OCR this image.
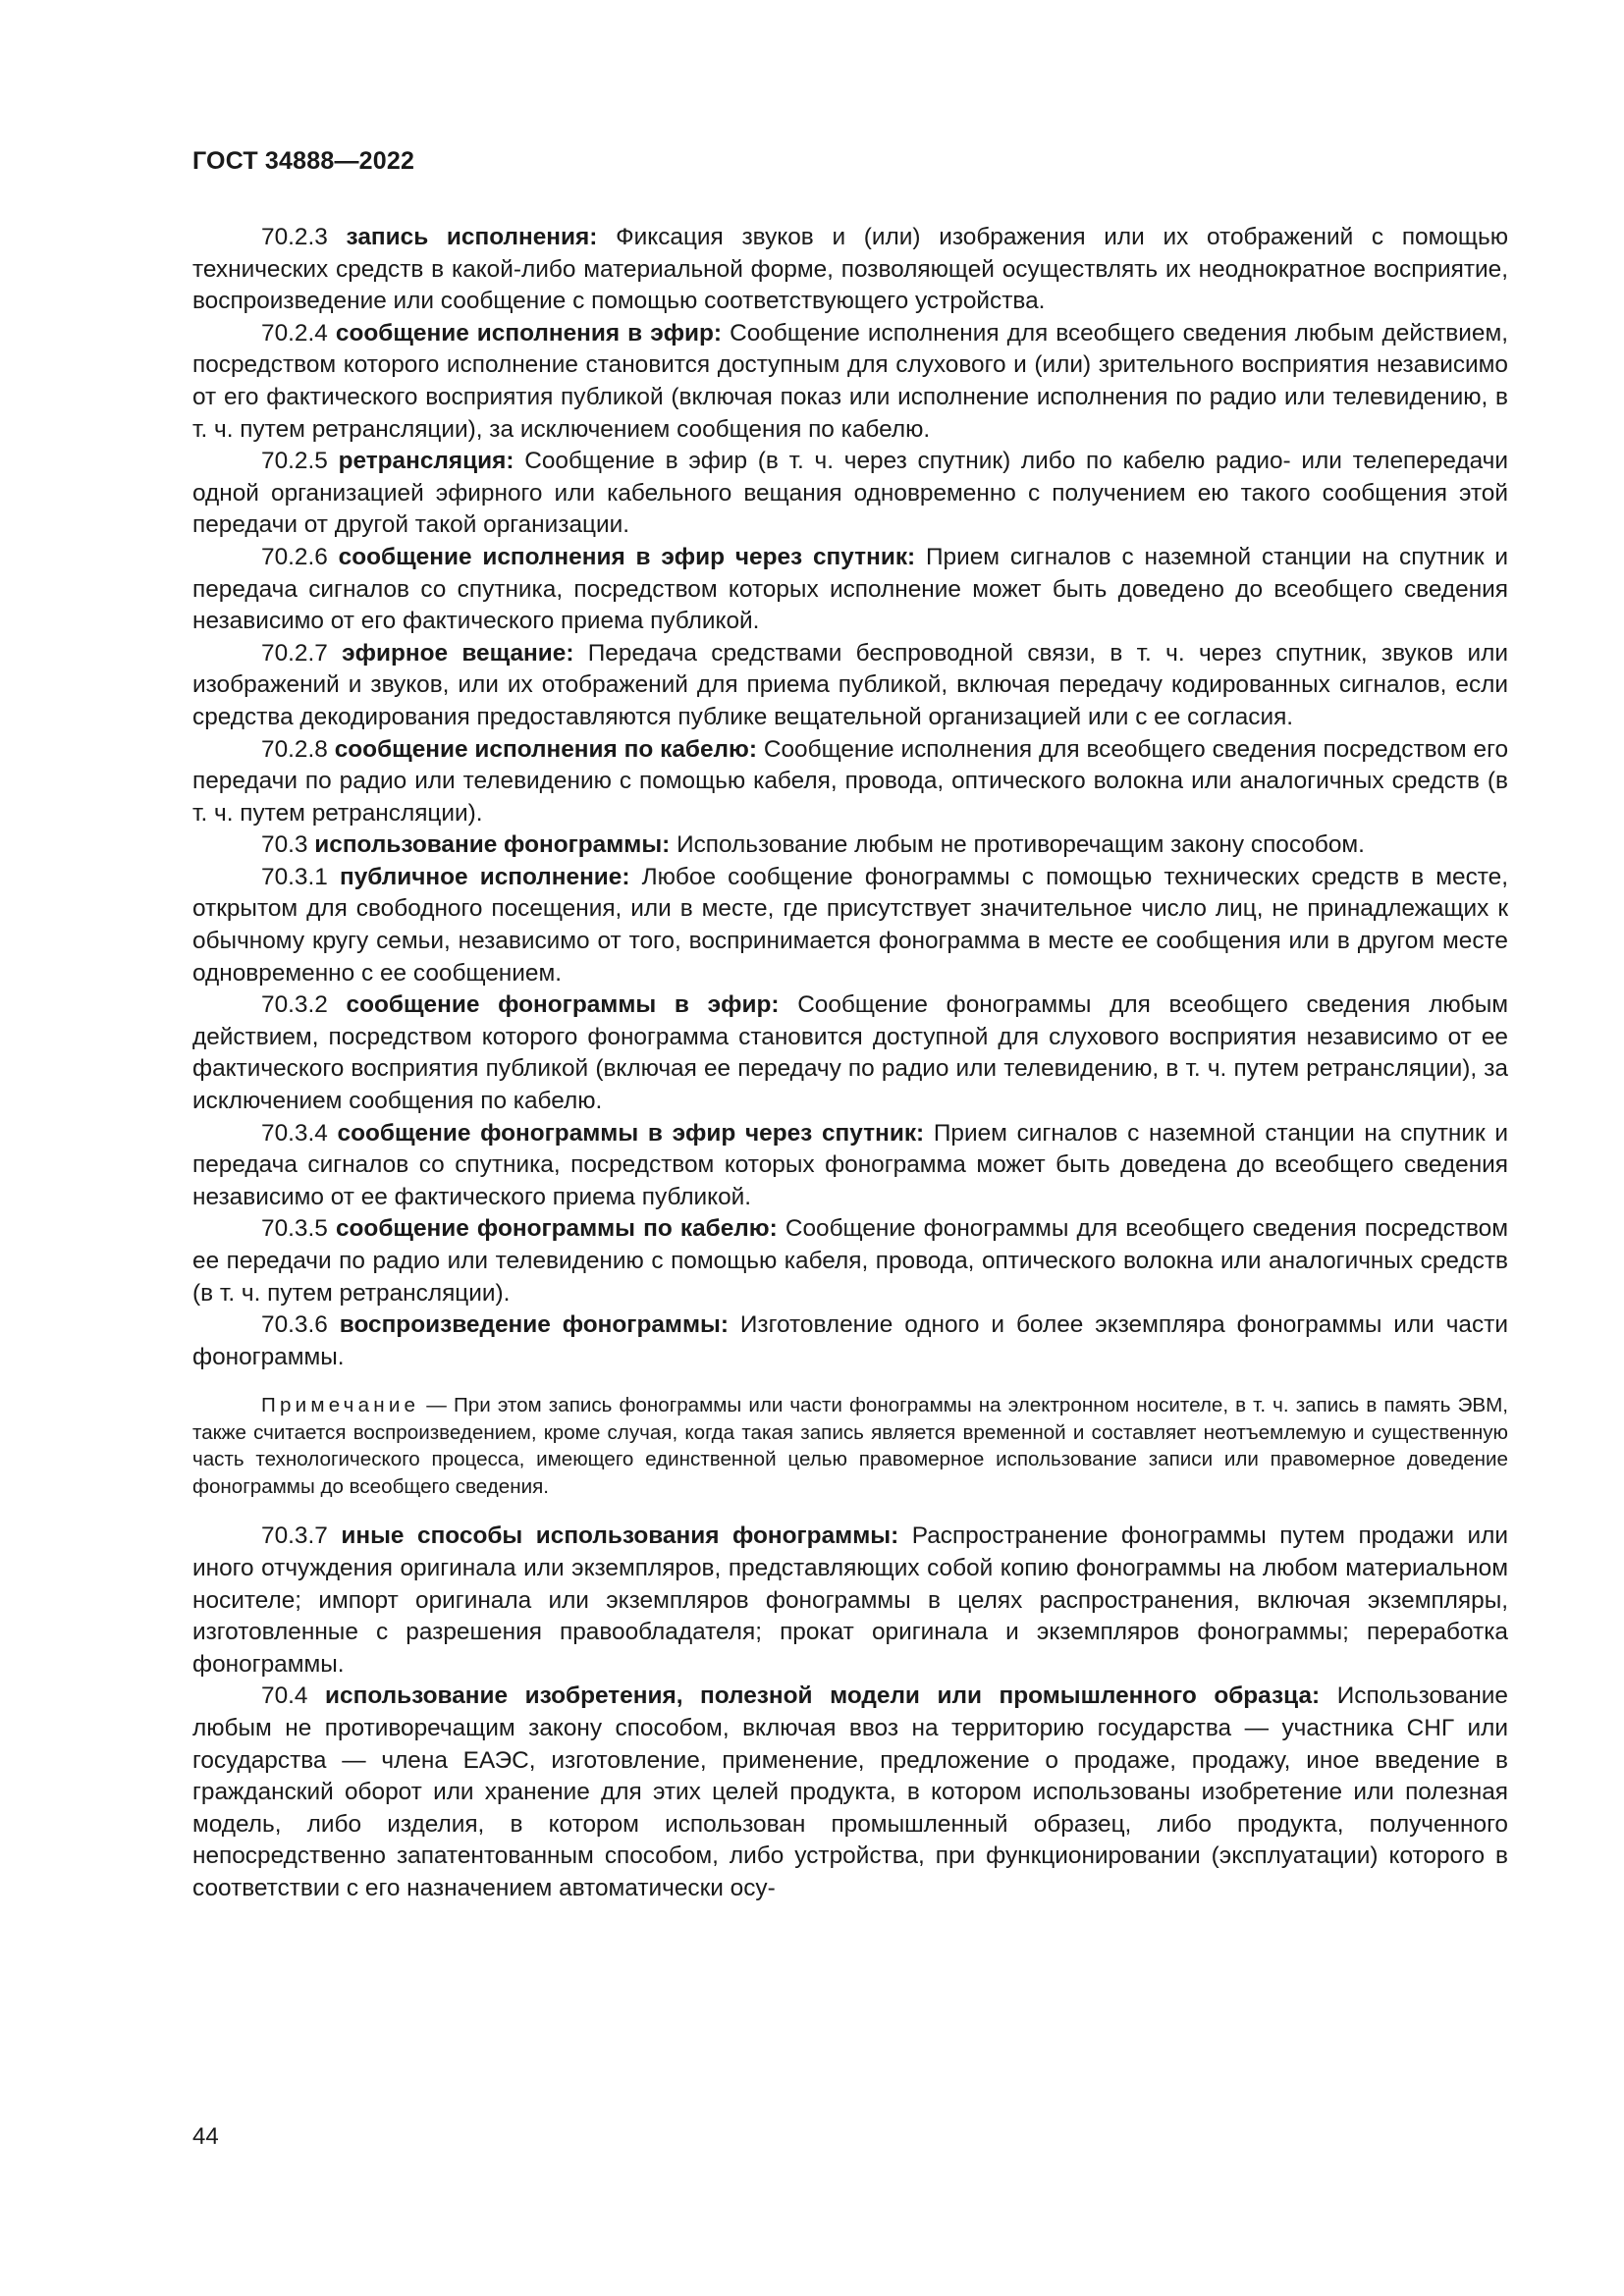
ГОСТ 34888—2022

70.2.3 запись исполнения: Фиксация звуков и (или) изображения или их отображений с помощью технических средств в какой-либо материальной форме, позволяющей осуществлять их неоднократное восприятие, воспроизведение или сообщение с помощью соответствующего устройства.

70.2.4 сообщение исполнения в эфир: Сообщение исполнения для всеобщего сведения любым действием, посредством которого исполнение становится доступным для слухового и (или) зрительного восприятия независимо от его фактического восприятия публикой (включая показ или исполнение исполнения по радио или телевидению, в т. ч. путем ретрансляции), за исключением сообщения по кабелю.

70.2.5 ретрансляция: Сообщение в эфир (в т. ч. через спутник) либо по кабелю радио- или телепередачи одной организацией эфирного или кабельного вещания одновременно с получением ею такого сообщения этой передачи от другой такой организации.

70.2.6 сообщение исполнения в эфир через спутник: Прием сигналов с наземной станции на спутник и передача сигналов со спутника, посредством которых исполнение может быть доведено до всеобщего сведения независимо от его фактического приема публикой.

70.2.7 эфирное вещание: Передача средствами беспроводной связи, в т. ч. через спутник, звуков или изображений и звуков, или их отображений для приема публикой, включая передачу кодированных сигналов, если средства декодирования предоставляются публике вещательной организацией или с ее согласия.

70.2.8 сообщение исполнения по кабелю: Сообщение исполнения для всеобщего сведения посредством его передачи по радио или телевидению с помощью кабеля, провода, оптического волокна или аналогичных средств (в т. ч. путем ретрансляции).

70.3 использование фонограммы: Использование любым не противоречащим закону способом.

70.3.1 публичное исполнение: Любое сообщение фонограммы с помощью технических средств в месте, открытом для свободного посещения, или в месте, где присутствует значительное число лиц, не принадлежащих к обычному кругу семьи, независимо от того, воспринимается фонограмма в месте ее сообщения или в другом месте одновременно с ее сообщением.

70.3.2 сообщение фонограммы в эфир: Сообщение фонограммы для всеобщего сведения любым действием, посредством которого фонограмма становится доступной для слухового восприятия независимо от ее фактического восприятия публикой (включая ее передачу по радио или телевидению, в т. ч. путем ретрансляции), за исключением сообщения по кабелю.

70.3.4 сообщение фонограммы в эфир через спутник: Прием сигналов с наземной станции на спутник и передача сигналов со спутника, посредством которых фонограмма может быть доведена до всеобщего сведения независимо от ее фактического приема публикой.

70.3.5 сообщение фонограммы по кабелю: Сообщение фонограммы для всеобщего сведения посредством ее передачи по радио или телевидению с помощью кабеля, провода, оптического волокна или аналогичных средств (в т. ч. путем ретрансляции).

70.3.6 воспроизведение фонограммы: Изготовление одного и более экземпляра фонограммы или части фонограммы.

Примечание — При этом запись фонограммы или части фонограммы на электронном носителе, в т. ч. запись в память ЭВМ, также считается воспроизведением, кроме случая, когда такая запись является временной и составляет неотъемлемую и существенную часть технологического процесса, имеющего единственной целью правомерное использование записи или правомерное доведение фонограммы до всеобщего сведения.

70.3.7 иные способы использования фонограммы: Распространение фонограммы путем продажи или иного отчуждения оригинала или экземпляров, представляющих собой копию фонограммы на любом материальном носителе; импорт оригинала или экземпляров фонограммы в целях распространения, включая экземпляры, изготовленные с разрешения правообладателя; прокат оригинала и экземпляров фонограммы; переработка фонограммы.

70.4 использование изобретения, полезной модели или промышленного образца: Использование любым не противоречащим закону способом, включая ввоз на территорию государства — участника СНГ или государства — члена ЕАЭС, изготовление, применение, предложение о продаже, продажу, иное введение в гражданский оборот или хранение для этих целей продукта, в котором использованы изобретение или полезная модель, либо изделия, в котором использован промышленный образец, либо продукта, полученного непосредственно запатентованным способом, либо устройства, при функционировании (эксплуатации) которого в соответствии с его назначением автоматически осу-

44
